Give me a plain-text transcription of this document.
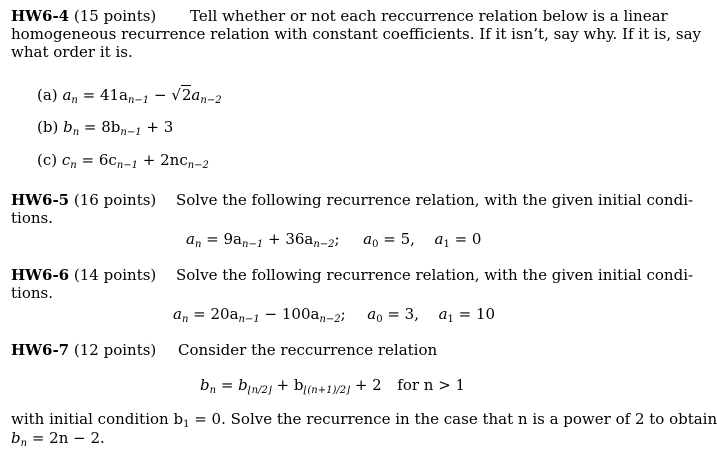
HW6-4 (15 points) Tell whether or not each reccurrence relation below is a linear
homogeneous recurrence relation with constant coefficients. If it isn’t, say why. If it is, say
what order it is.
(a) $a_n = 41a_{n-1} - √2a_{n-2}$
(b) $b_n = 8b_{n-1} + 3$
(c) $c_n = 6c_{n-1} + 2nc_{n-2}$
HW6-5 (16 points) Solve the following recurrence relation, with the given initial condi-
tions.
$a_n = 9a_{n-1} + 36a_{n-2}$;  $a_0 = 5$, $a_1 = 0$
HW6-6 (14 points) Solve the following recurrence relation, with the given initial condi-
tions.
$a_n = 20a_{n-1} - 100a_{n-2}$;  $a_0 = 3$, $a_1 = 10$
HW6-7 (12 points) Consider the reccurrence relation
$b_n = b_{⌊n/2⌋} + b_{⌊(n+1)/2⌋} + 2$ for n > 1
with initial condition $b_1 = 0$. Solve the recurrence in the case that n is a power of 2 to obtain
$b_n = 2n - 2$.
